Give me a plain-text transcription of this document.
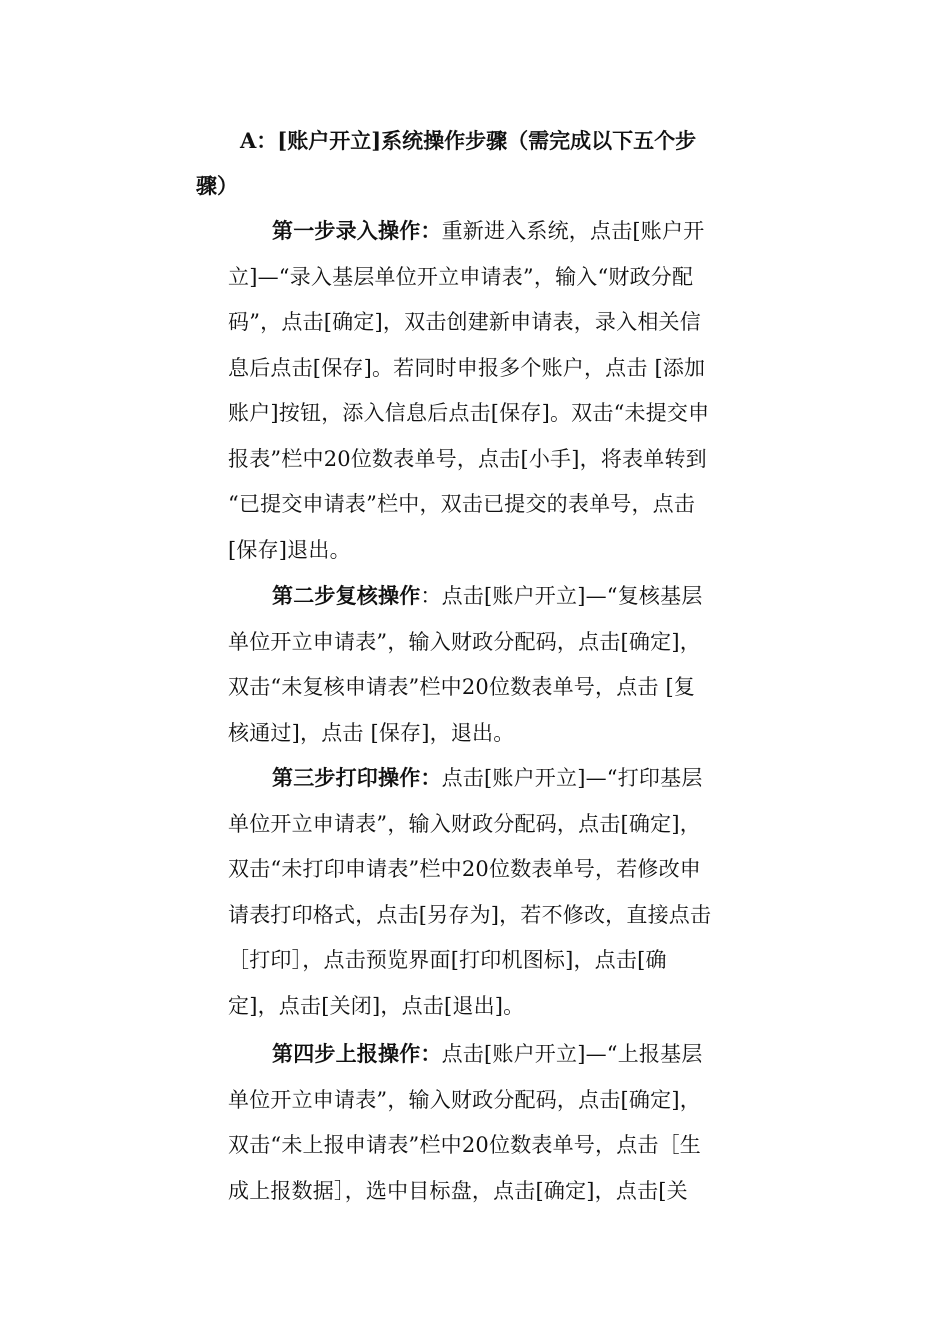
A：[账户开立]系统操作步骤（需完成以下五个步
骤）
第一步录入操作：重新进入系统，点击[账户开
立]—“录入基层单位开立申请表”，输入“财政分配
码”，点击[确定]，双击创建新申请表，录入相关信
息后点击[保存]。若同时申报多个账户，点击 [添加
账户]按钮，添入信息后点击[保存]。双击“未提交申
报表”栏中20位数表单号，点击[小手]，将表单转到
“已提交申请表”栏中，双击已提交的表单号，点击
[保存]退出。
第二步复核操作：点击[账户开立]—“复核基层
单位开立申请表”，输入财政分配码，点击[确定]，
双击“未复核申请表”栏中20位数表单号，点击 [复
核通过]，点击 [保存]，退出。
第三步打印操作：点击[账户开立]—“打印基层
单位开立申请表”，输入财政分配码，点击[确定]，
双击“未打印申请表”栏中20位数表单号，若修改申
请表打印格式，点击[另存为]，若不修改，直接点击
［打印］，点击预览界面[打印机图标]，点击[确
定]，点击[关闭]，点击[退出]。
第四步上报操作：点击[账户开立]—“上报基层
单位开立申请表”，输入财政分配码，点击[确定]，
双击“未上报申请表”栏中20位数表单号，点击［生
成上报数据］，选中目标盘，点击[确定]，点击[关
